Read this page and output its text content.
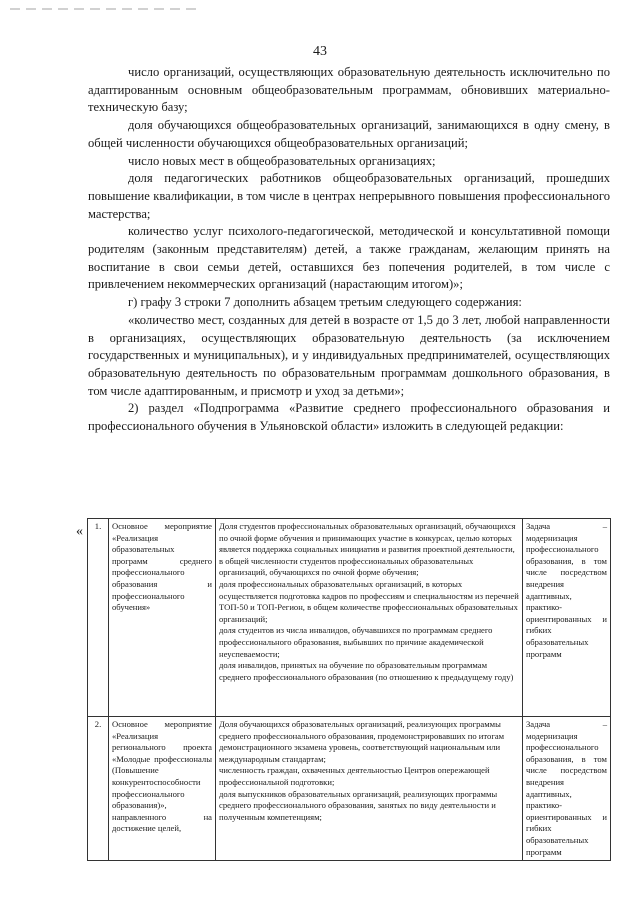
43

число организаций, осуществляющих образовательную деятельность исключительно по адаптированным основным общеобразовательным программам, обновивших материально-техническую базу;

доля обучающихся общеобразовательных организаций, занимающихся в одну смену, в общей численности обучающихся общеобразовательных организаций;

число новых мест в общеобразовательных организациях;

доля педагогических работников общеобразовательных организаций, прошедших повышение квалификации, в том числе в центрах непрерывного повышения профессионального мастерства;

количество услуг психолого-педагогической, методической и консультативной помощи родителям (законным представителям) детей, а также гражданам, желающим принять на воспитание в свои семьи детей, оставшихся без попечения родителей, в том числе с привлечением некоммерческих организаций (нарастающим итогом)»;

г) графу 3 строки 7 дополнить абзацем третьим следующего содержания:

«количество мест, созданных для детей в возрасте от 1,5 до 3 лет, любой направленности в организациях, осуществляющих образовательную деятельность (за исключением государственных и муниципальных), и у индивидуальных предпринимателей, осуществляющих образовательную деятельность по образовательным программам дошкольного образования, в том числе адаптированным, и присмотр и уход за детьми»;

2) раздел «Подпрограмма «Развитие среднего профессионального образования и профессионального обучения в Ульяновской области» изложить в следующей редакции:

« 1.	Основное мероприятие «Реализация образовательных программ среднего профессионального образования и профессионального обучения»	Доля студентов профессиональных образовательных организаций, обучающихся по очной форме обучения и принимающих участие в конкурсах, целью которых является поддержка социальных инициатив и развития проектной деятельности, в общей численности студентов профессиональных образовательных организаций, обучающихся по очной форме обучения;
доля профессиональных образовательных организаций, в которых осуществляется подготовка кадров по профессиям и специальностям из перечней ТОП-50 и ТОП-Регион, в общем количестве профессиональных образовательных организаций;
доля студентов из числа инвалидов, обучавшихся по программам среднего профессионального образования, выбывших по причине академической неуспеваемости;
доля инвалидов, принятых на обучение по образовательным программам среднего профессионального образования (по отношению к предыдущему году)	Задача – модернизация профессионального образования, в том числе посредством внедрения адаптивных, практико-ориентированных и гибких образовательных программ
2.	Основное мероприятие «Реализация регионального проекта «Молодые профессионалы (Повышение конкурентоспособности профессионального образования)», направленного на достижение целей,	Доля обучающихся образовательных организаций, реализующих программы среднего профессионального образования, продемонстрировавших по итогам демонстрационного экзамена уровень, соответствующий национальным или международным стандартам;
численность граждан, охваченных деятельностью Центров опережающей профессиональной подготовки;
доля выпускников образовательных организаций, реализующих программы среднего профессионального образования, занятых по виду деятельности и полученным компетенциям;	Задача – модернизация профессионального образования, в том числе посредством внедрения адаптивных, практико-ориентированных и гибких образовательных программ
